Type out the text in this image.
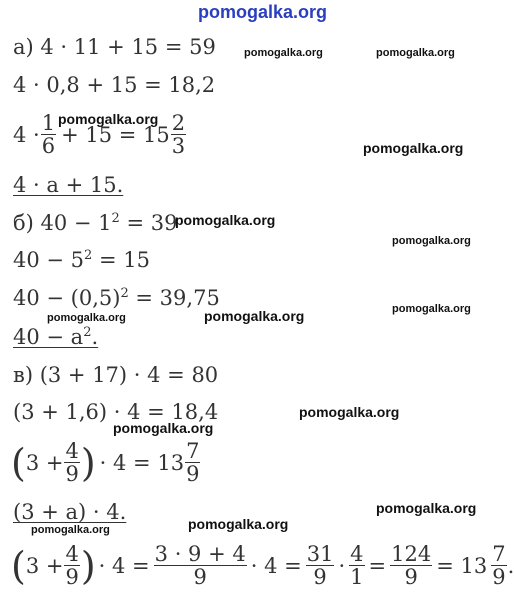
pomogalka.org
а) 4 · 11 + 15 = 59
4 · 0,8 + 15 = 18,2
$4 \cdot \frac{1}{6} + 15 = 15 \frac{2}{3}$
4 · a + 15.
б) $40 - 1^2 = 39$
$40 - 5^2 = 15$
$40 - (0,5)^2 = 39,75$
$40 - a^2$.
в) (3 + 17) · 4 = 80
(3 + 1,6) · 4 = 18,4
( $3 + \frac{4}{9}$ ) · $4 = 13 \frac{7}{9}$
(3 + a) · 4.
( $3 + \frac{4}{9}$ ) · $4 = \frac{3 \cdot 9 + 4}{9} \cdot 4 = \frac{31}{9} \cdot \frac{4}{1} = \frac{124}{9} = 13 \frac{7}{9}$ .
pomogalka.org	pomogalka.org
pomogalka.org
pomogalka.org
pomogalka.org
pomogalka.org
pomogalka.org
pomogalka.org
pomogalka.org
pomogalka.org
pomogalka.org
pomogalka.org
pomogalka.org
pomogalka.org
